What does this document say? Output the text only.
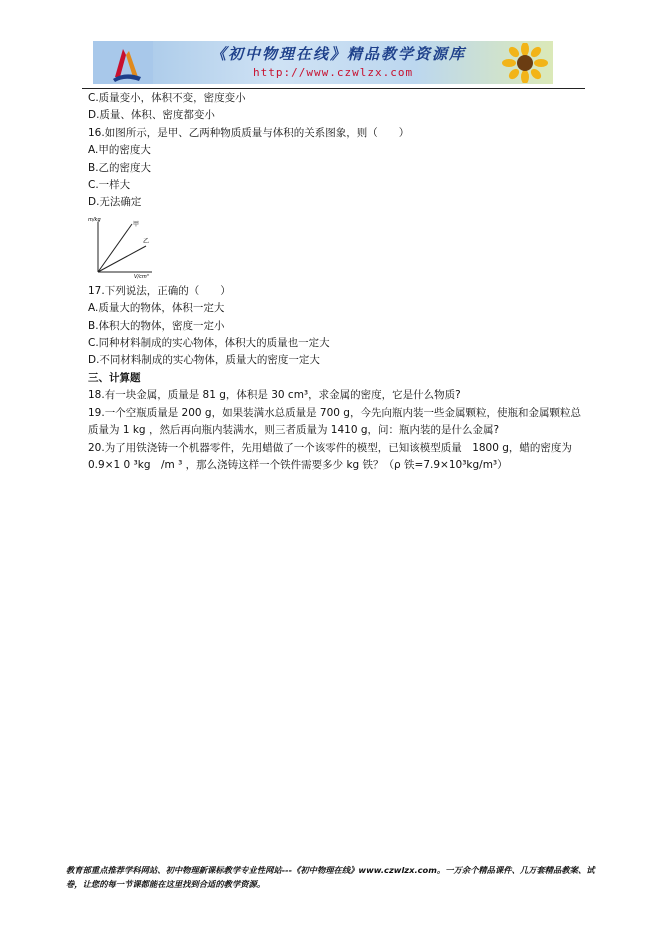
《初中物理在线》精品教学资源库
http://www.czwlzx.com
C.质量变小，体积不变，密度变小
D.质量、体积、密度都变小
16.如图所示，是甲、乙两种物质质量与体积的关系图象，则（　　）
A.甲的密度大
B.乙的密度大
C.一样大
D.无法确定
m/kg
V/cm³
甲
乙
17.下列说法，正确的（　　）
A.质量大的物体，体积一定大
B.体积大的物体，密度一定小
C.同种材料制成的实心物体，体积大的质量也一定大
D.不同材料制成的实心物体，质量大的密度一定大
三、计算题
18.有一块金属，质量是 81 g，体积是 30 cm³，求金属的密度，它是什么物质?
19.一个空瓶质量是 200 g，如果装满水总质量是 700 g，今先向瓶内装一些金属颗粒，使瓶和金属颗粒总质量为 1 kg ，然后再向瓶内装满水，则三者质量为 1410 g，问：瓶内装的是什么金属?
20.为了用铁浇铸一个机器零件，先用蜡做了一个该零件的模型，已知该模型质量　1800 g，蜡的密度为 0.9×1 0 ³kg　/m ³ ，那么浇铸这样一个铁件需要多少 kg 铁？（ρ 铁=7.9×10³kg/m³）
教育部重点推荐学科网站、初中物理新课标教学专业性网站---《初中物理在线》www.czwlzx.com。一万余个精品课件、几万套精品教案、试卷，让您的每一节课都能在这里找到合适的教学资源。
